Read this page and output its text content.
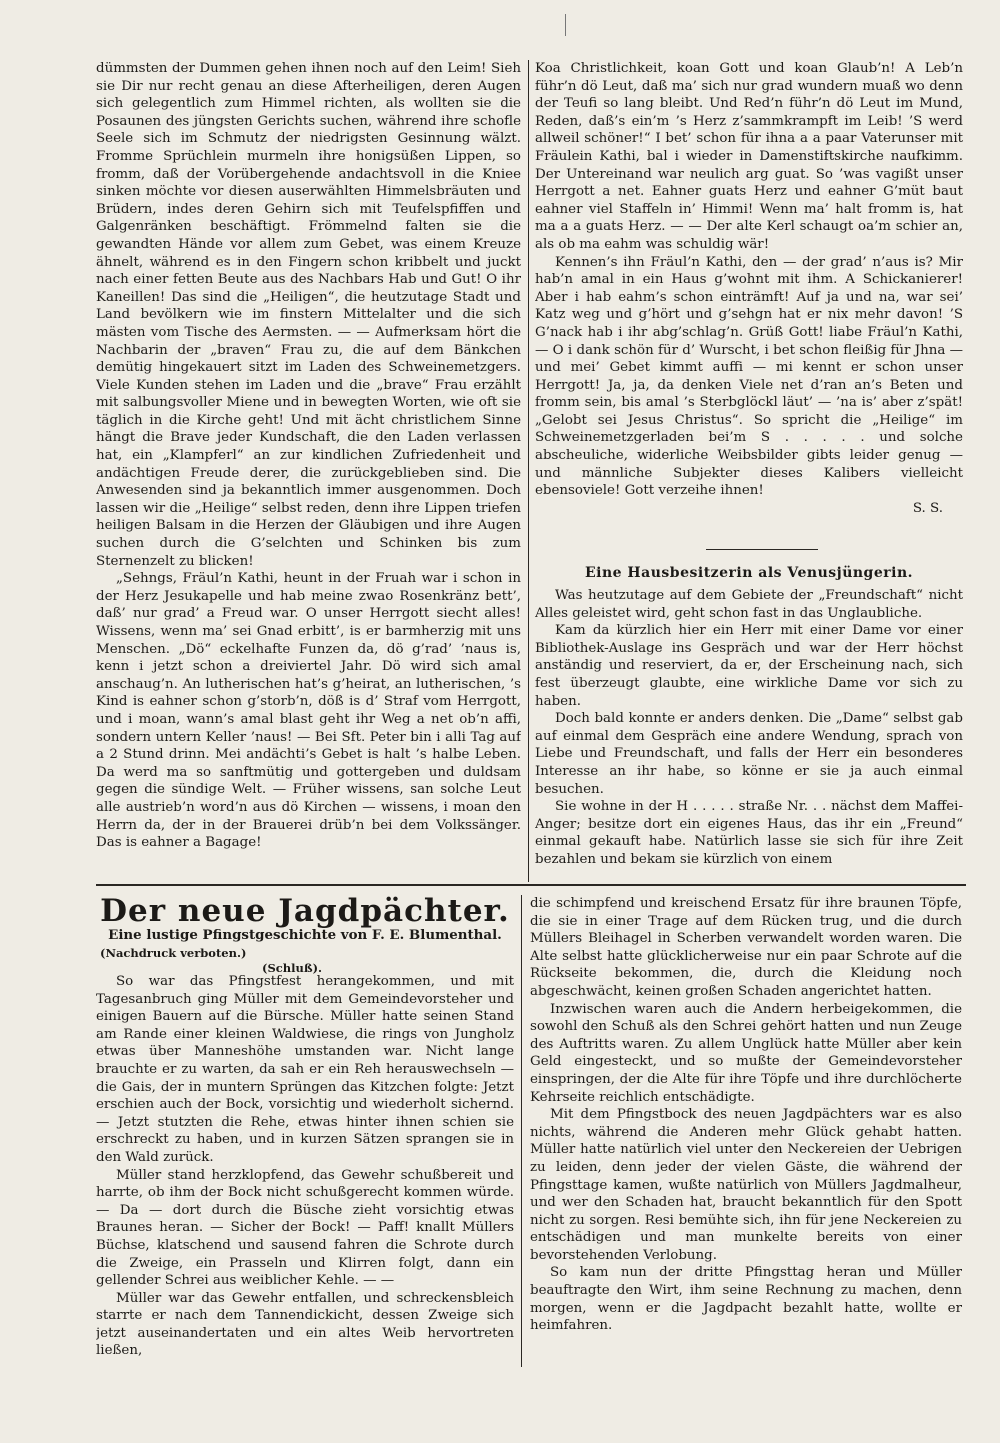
dümmsten der Dummen gehen ihnen noch auf den Leim! Sieh sie Dir nur recht genau an diese Afterheiligen, deren Augen sich gelegentlich zum Himmel richten, als wollten sie die Posaunen des jüngsten Gerichts suchen, während ihre schofle Seele sich im Schmutz der niedrigsten Gesinnung wälzt. Fromme Sprüchlein murmeln ihre honigsüßen Lippen, so fromm, daß der Vorübergehende andachtsvoll in die Kniee sinken möchte vor diesen auserwählten Himmelsbräuten und Brüdern, indes deren Gehirn sich mit Teufelspfiffen und Galgenränken beschäftigt. Frömmelnd falten sie die gewandten Hände vor allem zum Gebet, was einem Kreuze ähnelt, während es in den Fingern schon kribbelt und juckt nach einer fetten Beute aus des Nachbars Hab und Gut! O ihr Kaneillen! Das sind die „Heiligen“, die heutzutage Stadt und Land bevölkern wie im finstern Mittelalter und die sich mästen vom Tische des Aermsten. — — Aufmerksam hört die Nachbarin der „braven“ Frau zu, die auf dem Bänkchen demütig hingekauert sitzt im Laden des Schweinemetzgers. Viele Kunden stehen im Laden und die „brave“ Frau erzählt mit salbungsvoller Miene und in bewegten Worten, wie oft sie täglich in die Kirche geht! Und mit ächt christlichem Sinne hängt die Brave jeder Kundschaft, die den Laden verlassen hat, ein „Klampferl“ an zur kindlichen Zufriedenheit und andächtigen Freude derer, die zurückgeblieben sind. Die Anwesenden sind ja bekanntlich immer ausgenommen. Doch lassen wir die „Heilige“ selbst reden, denn ihre Lippen triefen heiligen Balsam in die Herzen der Gläubigen und ihre Augen suchen durch die G’selchten und Schinken bis zum Sternenzelt zu blicken!

„Sehngs, Fräul’n Kathi, heunt in der Fruah war i schon in der Herz Jesukapelle und hab meine zwao Rosenkränz bett’, daß’ nur grad’ a Freud war. O unser Herrgott siecht alles! Wissens, wenn ma’ sei Gnad erbitt’, is er barmherzig mit uns Menschen. „Dö“ eckelhafte Funzen da, dö g’rad’ ’naus is, kenn i jetzt schon a dreiviertel Jahr. Dö wird sich amal anschaug’n. An lutherischen hat’s g’heirat, an lutherischen, ’s Kind is eahner schon g’storb’n, döß is d’ Straf vom Herrgott, und i moan, wann’s amal blast geht ihr Weg a net ob’n affi, sondern untern Keller ’naus! — Bei Sft. Peter bin i alli Tag auf a 2 Stund drinn. Mei andächti’s Gebet is halt ’s halbe Leben. Da werd ma so sanftmütig und gottergeben und duldsam gegen die sündige Welt. — Früher wissens, san solche Leut alle austrieb’n word’n aus dö Kirchen — wissens, i moan den Herrn da, der in der Brauerei drüb’n bei dem Volkssänger. Das is eahner a Bagage!

Koa Christlichkeit, koan Gott und koan Glaub’n! A Leb’n führ’n dö Leut, daß ma’ sich nur grad wundern muaß wo denn der Teufi so lang bleibt. Und Red’n führ’n dö Leut im Mund, Reden, daß’s ein’m ’s Herz z’sammkrampft im Leib! ’S werd allweil schöner!“ I bet’ schon für ihna a a paar Vaterunser mit Fräulein Kathi, bal i wieder in Damenstiftskirche naufkimm. Der Untereinand war neulich arg guat. So ’was vagißt unser Herrgott a net. Eahner guats Herz und eahner G’müt baut eahner viel Staffeln in’ Himmi! Wenn ma’ halt fromm is, hat ma a a guats Herz. — — Der alte Kerl schaugt oa’m schier an, als ob ma eahm was schuldig wär!

Kennen’s ihn Fräul’n Kathi, den — der grad’ n’aus is? Mir hab’n amal in ein Haus g’wohnt mit ihm. A Schickanierer! Aber i hab eahm’s schon einträmft! Auf ja und na, war sei’ Katz weg und g’hört und g’sehgn hat er nix mehr davon! ’S G’nack hab i ihr abg’schlag’n. Grüß Gott! liabe Fräul’n Kathi, — O i dank schön für d’ Wurscht, i bet schon fleißig für Jhna — und mei’ Gebet kimmt auffi — mi kennt er schon unser Herrgott! Ja, ja, da denken Viele net d’ran an’s Beten und fromm sein, bis amal ’s Sterbglöckl läut’ — ’na is’ aber z’spät! „Gelobt sei Jesus Christus“. So spricht die „Heilige“ im Schweinemetzgerladen bei’m S . . . . . und solche abscheuliche, widerliche Weibsbilder gibts leider genug — und männliche Subjekter dieses Kalibers vielleicht ebensoviele! Gott verzeihe ihnen!

S. S.

Eine Hausbesitzerin als Venusjüngerin.

Was heutzutage auf dem Gebiete der „Freundschaft“ nicht Alles geleistet wird, geht schon fast in das Unglaubliche.

Kam da kürzlich hier ein Herr mit einer Dame vor einer Bibliothek-Auslage ins Gespräch und war der Herr höchst anständig und reserviert, da er, der Erscheinung nach, sich fest überzeugt glaubte, eine wirkliche Dame vor sich zu haben.

Doch bald konnte er anders denken. Die „Dame“ selbst gab auf einmal dem Gespräch eine andere Wendung, sprach von Liebe und Freundschaft, und falls der Herr ein besonderes Interesse an ihr habe, so könne er sie ja auch einmal besuchen.

Sie wohne in der H . . . . . straße Nr. . . nächst dem Maffei-Anger; besitze dort ein eigenes Haus, das ihr ein „Freund“ einmal gekauft habe. Natürlich lasse sie sich für ihre Zeit bezahlen und bekam sie kürzlich von einem

Der neue Jagdpächter.
Eine lustige Pfingstgeschichte von F. E. Blumenthal.
(Nachdruck verboten.)
(Schluß).

So war das Pfingstfest herangekommen, und mit Tagesanbruch ging Müller mit dem Gemeindevorsteher und einigen Bauern auf die Bürsche. Müller hatte seinen Stand am Rande einer kleinen Waldwiese, die rings von Jungholz etwas über Manneshöhe umstanden war. Nicht lange brauchte er zu warten, da sah er ein Reh herauswechseln — die Gais, der in muntern Sprüngen das Kitzchen folgte: Jetzt erschien auch der Bock, vorsichtig und wiederholt sichernd. — Jetzt stutzten die Rehe, etwas hinter ihnen schien sie erschreckt zu haben, und in kurzen Sätzen sprangen sie in den Wald zurück.

Müller stand herzklopfend, das Gewehr schußbereit und harrte, ob ihm der Bock nicht schußgerecht kommen würde. — Da — dort durch die Büsche zieht vorsichtig etwas Braunes heran. — Sicher der Bock! — Paff! knallt Müllers Büchse, klatschend und sausend fahren die Schrote durch die Zweige, ein Prasseln und Klirren folgt, dann ein gellender Schrei aus weiblicher Kehle. — —

Müller war das Gewehr entfallen, und schreckensbleich starrte er nach dem Tannendickicht, dessen Zweige sich jetzt auseinandertaten und ein altes Weib hervortreten ließen,

die schimpfend und kreischend Ersatz für ihre braunen Töpfe, die sie in einer Trage auf dem Rücken trug, und die durch Müllers Bleihagel in Scherben verwandelt worden waren. Die Alte selbst hatte glücklicherweise nur ein paar Schrote auf die Rückseite bekommen, die, durch die Kleidung noch abgeschwächt, keinen großen Schaden angerichtet hatten.

Inzwischen waren auch die Andern herbeigekommen, die sowohl den Schuß als den Schrei gehört hatten und nun Zeuge des Auftritts waren. Zu allem Unglück hatte Müller aber kein Geld eingesteckt, und so mußte der Gemeindevorsteher einspringen, der die Alte für ihre Töpfe und ihre durchlöcherte Kehrseite reichlich entschädigte.

Mit dem Pfingstbock des neuen Jagdpächters war es also nichts, während die Anderen mehr Glück gehabt hatten. Müller hatte natürlich viel unter den Neckereien der Uebrigen zu leiden, denn jeder der vielen Gäste, die während der Pfingsttage kamen, wußte natürlich von Müllers Jagdmalheur, und wer den Schaden hat, braucht bekanntlich für den Spott nicht zu sorgen. Resi bemühte sich, ihn für jene Neckereien zu entschädigen und man munkelte bereits von einer bevorstehenden Verlobung.

So kam nun der dritte Pfingsttag heran und Müller beauftragte den Wirt, ihm seine Rechnung zu machen, denn morgen, wenn er die Jagdpacht bezahlt hatte, wollte er heimfahren.
